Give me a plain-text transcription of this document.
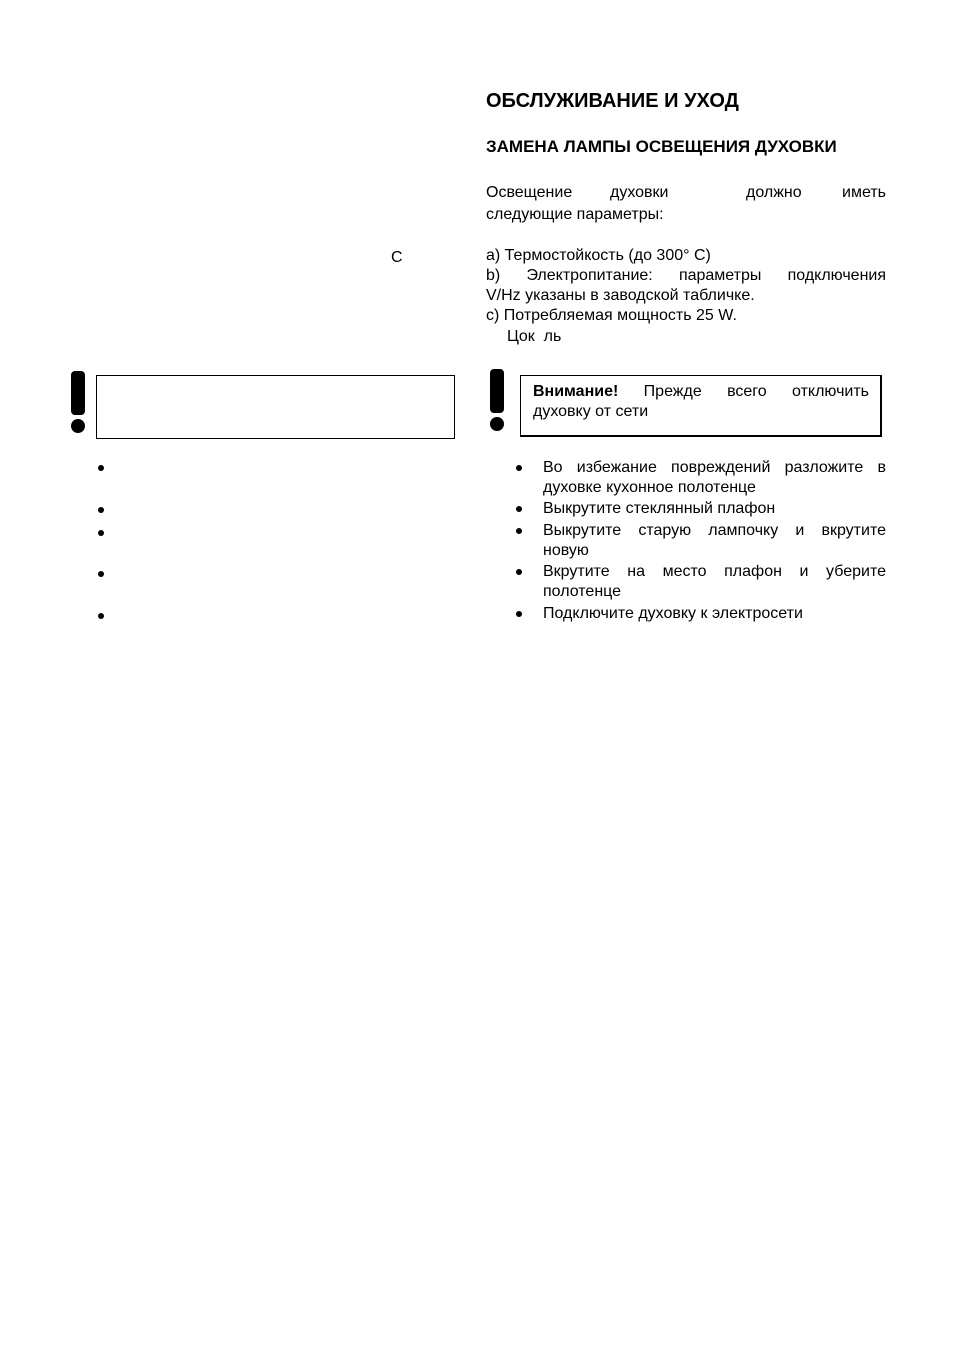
C
ОБСЛУЖИВАНИЕ И УХОД
ЗАМЕНА ЛАМПЫ ОСВЕЩЕНИЯ ДУХОВКИ
Освещение духовки	должно	иметь
следующие параметры:
а) Термостойкость (до 300° С)
b) Электропитание: параметры подключения
V/Hz указаны в заводской табличке.
с) Потребляемая мощность 25 W.
Цок  ль
Внимание! Прежде всего отключить
духовку от сети
Во избежание повреждений разложите в
духовке кухонное полотенце
Выкрутите стеклянный плафон
Выкрутите старую лампочку и вкрутите
новую
Вкрутите на место плафон и уберите
полотенце
Подключите духовку к электросети
